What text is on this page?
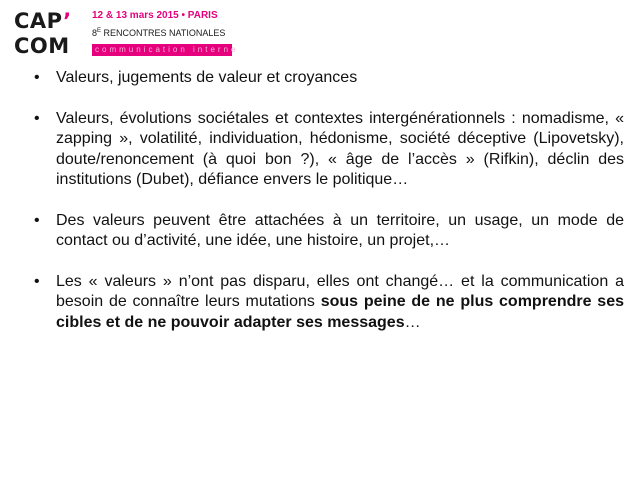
CAP’
COM
12 & 13 mars 2015 • PARIS
$8^E$ RENCONTRES NATIONALES
communication interne
• Valeurs, jugements de valeur et croyances
• Valeurs, évolutions sociétales et contextes intergénérationnels : nomadisme, « zapping », volatilité, individuation, hédonisme, société déceptive (Lipovetsky), doute/renoncement (à quoi bon ?), « âge de l’accès » (Rifkin), déclin des institutions (Dubet), défiance envers le politique…
• Des valeurs peuvent être attachées à un territoire, un usage, un mode de contact ou d’activité, une idée, une histoire, un projet,…
• Les « valeurs » n’ont pas disparu, elles ont changé… et la communication a besoin de connaître leurs mutations sous peine de ne plus comprendre ses cibles et de ne pouvoir adapter ses messages…
